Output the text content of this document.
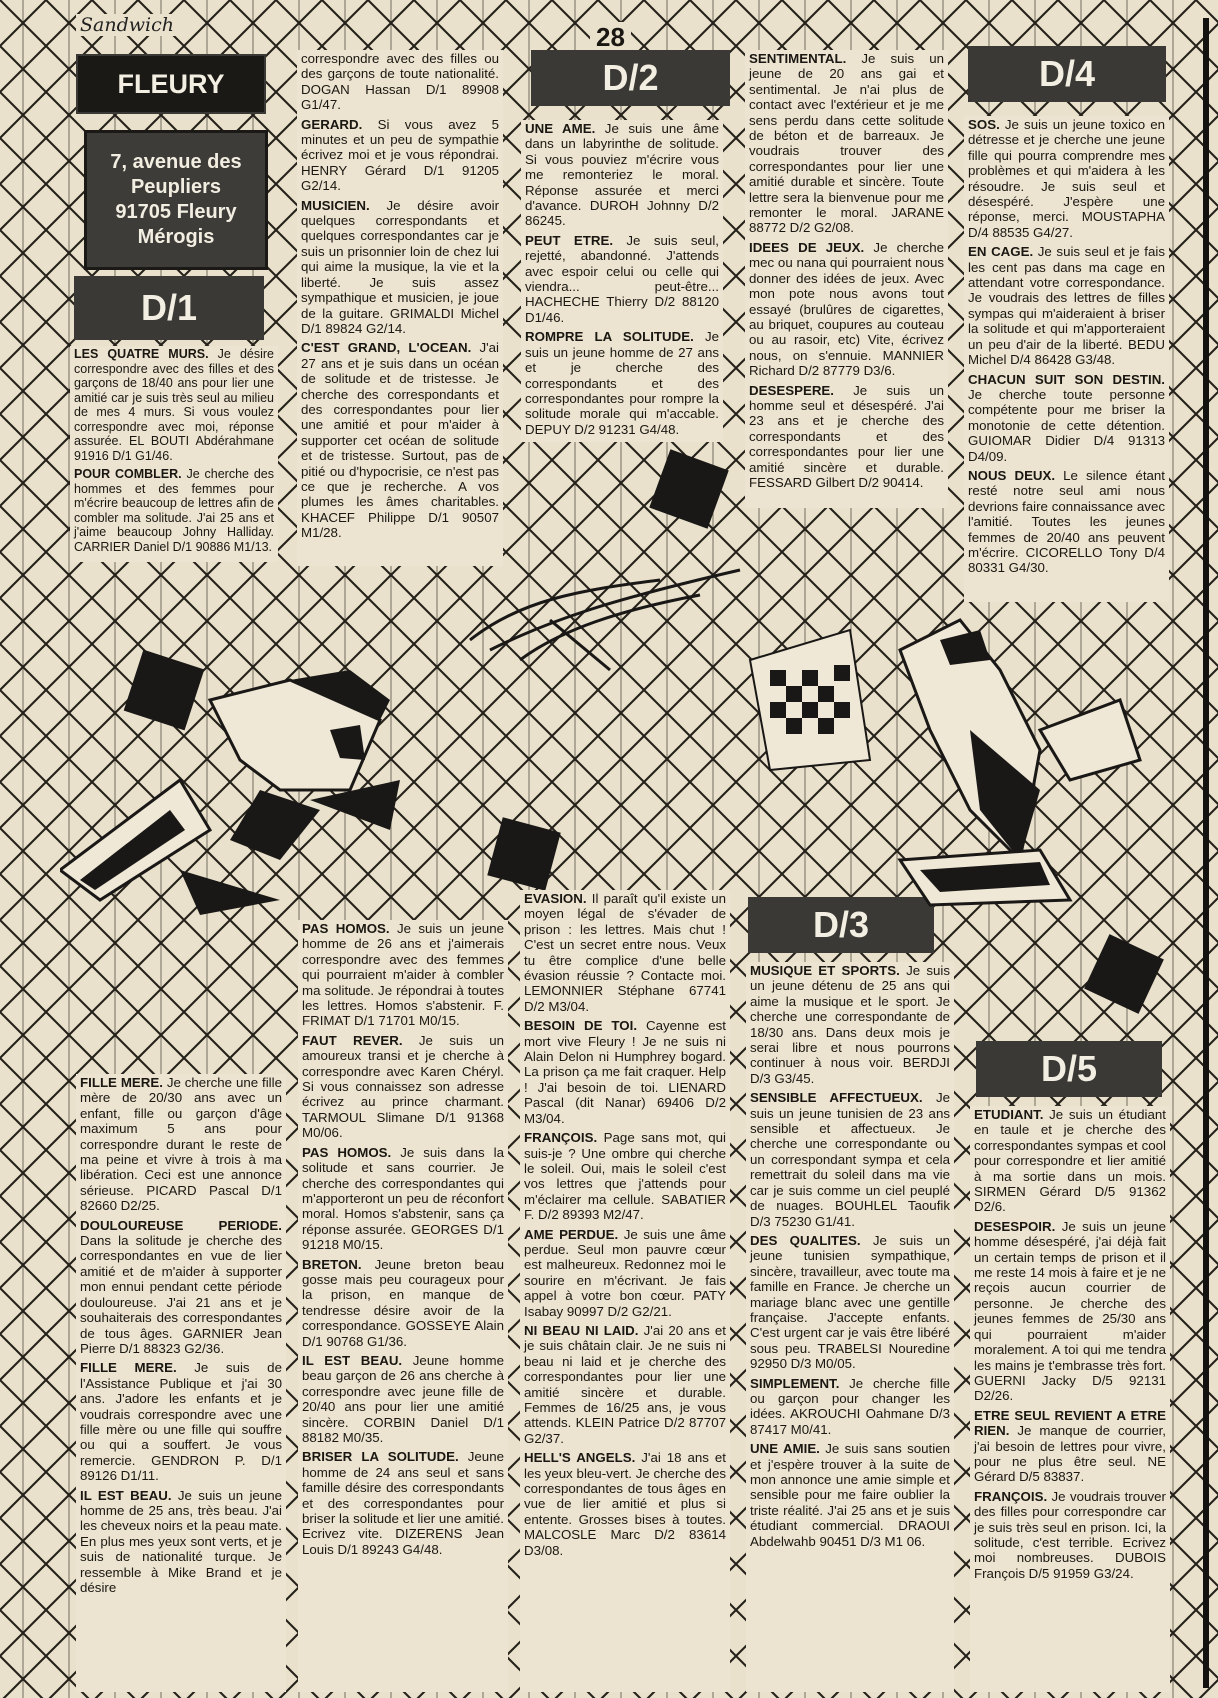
Sandwich	28
FLEURY
7, avenue des
Peupliers
91705 Fleury
Mérogis
D/1
D/2	D/4
D/3
D/5

LES QUATRE MURS. Je désire correspondre avec des filles et des garçons de 18/40 ans pour lier une amitié car je suis très seul au milieu de mes 4 murs. Si vous voulez correspondre avec moi, réponse assurée. EL BOUTI Abdérahmane 91916 D/1 G1/46.

POUR COMBLER. Je cherche des hommes et des femmes pour m'écrire beaucoup de lettres afin de combler ma solitude. J'ai 25 ans et j'aime beaucoup Johny Halliday. CARRIER Daniel D/1 90886 M1/13.

correspondre avec des filles ou des garçons de toute nationalité. DOGAN Hassan D/1 89908 G1/47.

GERARD. Si vous avez 5 minutes et un peu de sympathie écrivez moi et je vous répondrai. HENRY Gérard D/1 91205 G2/14.

MUSICIEN. Je désire avoir quelques correspondants et quelques correspondantes car je suis un prisonnier loin de chez lui qui aime la musique, la vie et la liberté. Je suis assez sympathique et musicien, je joue de la guitare. GRIMALDI Michel D/1 89824 G2/14.

C'EST GRAND, L'OCEAN. J'ai 27 ans et je suis dans un océan de solitude et de tristesse. Je cherche des correspondants et des correspondantes pour lier une amitié et pour m'aider à supporter cet océan de solitude et de tristesse. Surtout, pas de pitié ou d'hypocrisie, ce n'est pas ce que je recherche. A vos plumes les âmes charitables. KHACEF Philippe D/1 90507 M1/28.

UNE AME. Je suis une âme dans un labyrinthe de solitude. Si vous pouviez m'écrire vous me remonteriez le moral. Réponse assurée et merci d'avance. DUROH Johnny D/2 86245.

PEUT ETRE. Je suis seul, rejetté, abandonné. J'attends avec espoir celui ou celle qui viendra... peut-être... HACHECHE Thierry D/2 88120 D1/46.

ROMPRE LA SOLITUDE. Je suis un jeune homme de 27 ans et je cherche des correspondants et des correspondantes pour rompre la solitude morale qui m'accable. DEPUY D/2 91231 G4/48.

SENTIMENTAL. Je suis un jeune de 20 ans gai et sentimental. Je n'ai plus de contact avec l'extérieur et je me sens perdu dans cette solitude de béton et de barreaux. Je voudrais trouver des correspondantes pour lier une amitié durable et sincère. Toute lettre sera la bienvenue pour me remonter le moral. JARANE 88772 D/2 G2/08.

IDEES DE JEUX. Je cherche mec ou nana qui pourraient nous donner des idées de jeux. Avec mon pote nous avons tout essayé (brulûres de cigarettes, au briquet, coupures au couteau ou au rasoir, etc) Vite, écrivez nous, on s'ennuie. MANNIER Richard D/2 87779 D3/6.

DESESPERE. Je suis un homme seul et désespéré. J'ai 23 ans et je cherche des correspondants et des correspondantes pour lier une amitié sincère et durable. FESSARD Gilbert D/2 90414.

SOS. Je suis un jeune toxico en détresse et je cherche une jeune fille qui pourra comprendre mes problèmes et qui m'aidera à les résoudre. Je suis seul et désespéré. J'espère une réponse, merci. MOUSTAPHA D/4 88535 G4/27.

EN CAGE. Je suis seul et je fais les cent pas dans ma cage en attendant votre correspondance. Je voudrais des lettres de filles sympas qui m'aideraient à briser la solitude et qui m'apporteraient un peu d'air de la liberté. BEDU Michel D/4 86428 G3/48.

CHACUN SUIT SON DESTIN. Je cherche toute personne compétente pour me briser la monotonie de cette détention. GUIOMAR Didier D/4 91313 D4/09.

NOUS DEUX. Le silence étant resté notre seul ami nous devrions faire connaissance avec l'amitié. Toutes les jeunes femmes de 20/40 ans peuvent m'écrire. CICORELLO Tony D/4 80331 G4/30.

FILLE MERE. Je cherche une fille mère de 20/30 ans avec un enfant, fille ou garçon d'âge maximum 5 ans pour correspondre durant le reste de ma peine et vivre à trois à ma libération. Ceci est une annonce sérieuse. PICARD Pascal D/1 82660 D2/25.

DOULOUREUSE PERIODE. Dans la solitude je cherche des correspondantes en vue de lier amitié et de m'aider à supporter mon ennui pendant cette période douloureuse. J'ai 21 ans et je souhaiterais des correspondantes de tous âges. GARNIER Jean Pierre D/1 88323 G2/36.

FILLE MERE. Je suis de l'Assistance Publique et j'ai 30 ans. J'adore les enfants et je voudrais correspondre avec une fille mère ou une fille qui souffre ou qui a souffert. Je vous remercie. GENDRON P. D/1 89126 D1/11.

IL EST BEAU. Je suis un jeune homme de 25 ans, très beau. J'ai les cheveux noirs et la peau mate. En plus mes yeux sont verts, et je suis de nationalité turque. Je ressemble à Mike Brand et je désire

PAS HOMOS. Je suis un jeune homme de 26 ans et j'aimerais correspondre avec des femmes qui pourraient m'aider à combler ma solitude. Je répondrai à toutes les lettres. Homos s'abstenir. F. FRIMAT D/1 71701 M0/15.

FAUT REVER. Je suis un amoureux transi et je cherche à correspondre avec Karen Chéryl. Si vous connaissez son adresse écrivez au prince charmant. TARMOUL Slimane D/1 91368 M0/06.

PAS HOMOS. Je suis dans la solitude et sans courrier. Je cherche des correspondantes qui m'apporteront un peu de réconfort moral. Homos s'abstenir, sans ça réponse assurée. GEORGES D/1 91218 M0/15.

BRETON. Jeune breton beau gosse mais peu courageux pour la prison, en manque de tendresse désire avoir de la correspondance. GOSSEYE Alain D/1 90768 G1/36.

IL EST BEAU. Jeune homme beau garçon de 26 ans cherche à correspondre avec jeune fille de 20/40 ans pour lier une amitié sincère. CORBIN Daniel D/1 88182 M0/35.

BRISER LA SOLITUDE. Jeune homme de 24 ans seul et sans famille désire des correspondants et des correspondantes pour briser la solitude et lier une amitié. Ecrivez vite. DIZERENS Jean Louis D/1 89243 G4/48.

EVASION. Il paraît qu'il existe un moyen légal de s'évader de prison : les lettres. Mais chut ! C'est un secret entre nous. Veux tu être complice d'une belle évasion réussie ? Contacte moi. LEMONNIER Stéphane 67741 D/2 M3/04.

BESOIN DE TOI. Cayenne est mort vive Fleury ! Je ne suis ni Alain Delon ni Humphrey bogard. La prison ça me fait craquer. Help ! J'ai besoin de toi. LIENARD Pascal (dit Nanar) 69406 D/2 M3/04.

FRANÇOIS. Page sans mot, qui suis-je ? Une ombre qui cherche le soleil. Oui, mais le soleil c'est vos lettres que j'attends pour m'éclairer ma cellule. SABATIER F. D/2 89393 M2/47.

AME PERDUE. Je suis une âme perdue. Seul mon pauvre cœur est malheureux. Redonnez moi le sourire en m'écrivant. Je fais appel à votre bon cœur. PATY Isabay 90997 D/2 G2/21.

NI BEAU NI LAID. J'ai 20 ans et je suis châtain clair. Je ne suis ni beau ni laid et je cherche des correspondantes pour lier une amitié sincère et durable. Femmes de 16/25 ans, je vous attends. KLEIN Patrice D/2 87707 G2/37.

HELL'S ANGELS. J'ai 18 ans et les yeux bleu-vert. Je cherche des correspondantes de tous âges en vue de lier amitié et plus si entente. Grosses bises à toutes. MALCOSLE Marc D/2 83614 D3/08.

MUSIQUE ET SPORTS. Je suis un jeune détenu de 25 ans qui aime la musique et le sport. Je cherche une correspondante de 18/30 ans. Dans deux mois je serai libre et nous pourrons continuer à nous voir. BERDJI D/3 G3/45.

SENSIBLE AFFECTUEUX. Je suis un jeune tunisien de 23 ans sensible et affectueux. Je cherche une correspondante ou un correspondant sympa et cela remettrait du soleil dans ma vie car je suis comme un ciel peuplé de nuages. BOUHLEL Taoufik D/3 75230 G1/41.

DES QUALITES. Je suis un jeune tunisien sympathique, sincère, travailleur, avec toute ma famille en France. Je cherche un mariage blanc avec une gentille française. J'accepte enfants. C'est urgent car je vais être libéré sous peu. TRABELSI Nouredine 92950 D/3 M0/05.

SIMPLEMENT. Je cherche fille ou garçon pour changer les idées. AKROUCHI Oahmane D/3 87417 M0/41.

UNE AMIE. Je suis sans soutien et j'espère trouver à la suite de mon annonce une amie simple et sensible pour me faire oublier la triste réalité. J'ai 25 ans et je suis étudiant commercial. DRAOUI Abdelwahb 90451 D/3 M1 06.

ETUDIANT. Je suis un étudiant en taule et je cherche des correspondantes sympas et cool pour correspondre et lier amitié à ma sortie dans un mois. SIRMEN Gérard D/5 91362 D2/6.

DESESPOIR. Je suis un jeune homme désespéré, j'ai déjà fait un certain temps de prison et il me reste 14 mois à faire et je ne reçois aucun courrier de personne. Je cherche des jeunes femmes de 25/30 ans qui pourraient m'aider moralement. A toi qui me tendra les mains je t'embrasse très fort. GUERNI Jacky D/5 92131 D2/26.

ETRE SEUL REVIENT A ETRE RIEN. Je manque de courrier, j'ai besoin de lettres pour vivre, pour ne plus être seul. NE Gérard D/5 83837.

FRANÇOIS. Je voudrais trouver des filles pour correspondre car je suis très seul en prison. Ici, la solitude, c'est terrible. Ecrivez moi nombreuses. DUBOIS François D/5 91959 G3/24.
